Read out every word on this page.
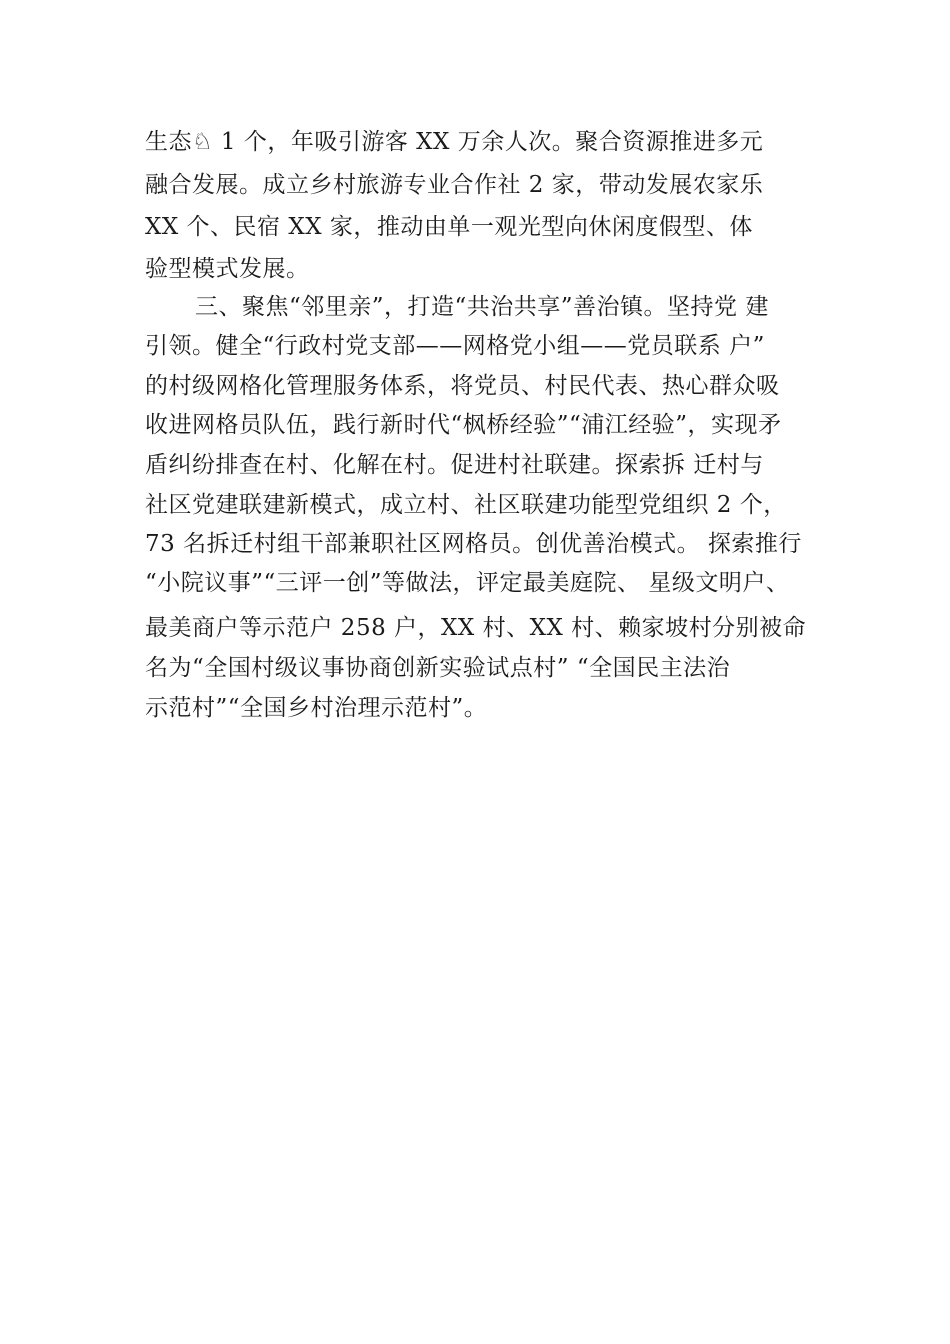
生态♘ 1 个，年吸引游客 XX 万余人次。聚合资源推进多元
融合发展。成立乡村旅游专业合作社 2 家，带动发展农家乐
XX 个、民宿 XX 家，推动由单一观光型向休闲度假型、体
验型模式发展。
三、聚焦“邻里亲”，打造“共治共享”善治镇。坚持党 建
引领。健全“行政村党支部——网格党小组——党员联系 户”
的村级网格化管理服务体系，将党员、村民代表、热心群众吸
收进网格员队伍，践行新时代“枫桥经验”“浦江经验”，实现矛
盾纠纷排查在村、化解在村。促进村社联建。探索拆 迁村与
社区党建联建新模式，成立村、社区联建功能型党组织 2 个，
73 名拆迁村组干部兼职社区网格员。创优善治模式。 探索推行
“小院议事”“三评一创”等做法，评定最美庭院、 星级文明户、
最美商户等示范户 258 户，XX 村、XX 村、赖家坡村分别被命
名为“全国村级议事协商创新实验试点村” “全国民主法治
示范村”“全国乡村治理示范村”。
